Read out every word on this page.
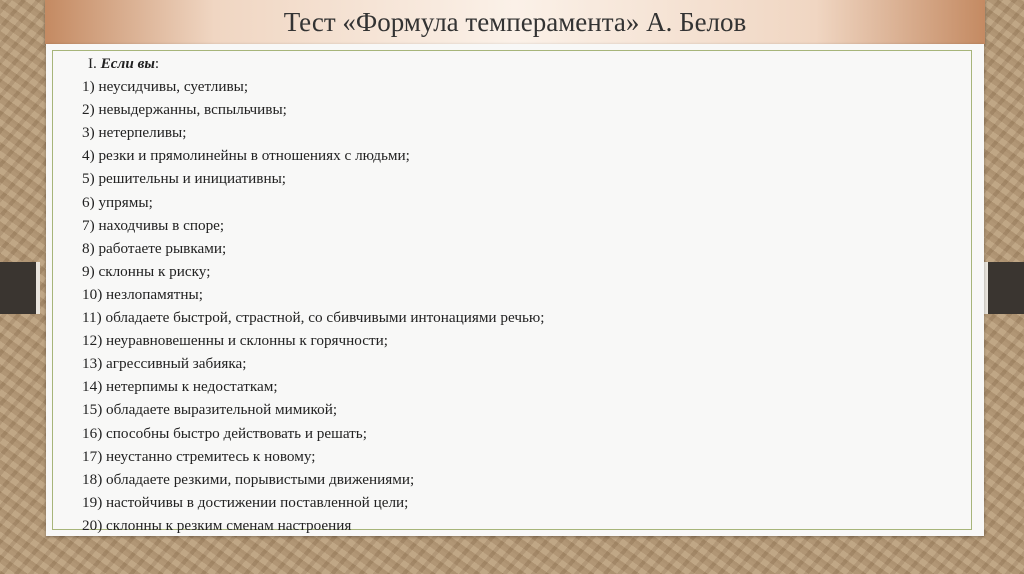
Тест «Формула темперамента» А. Белов
I. Если вы:
1) неусидчивы, суетливы;
2) невыдержанны, вспыльчивы;
3) нетерпеливы;
4) резки и прямолинейны в отношениях с людьми;
5) решительны и инициативны;
6) упрямы;
7) находчивы в споре;
8) работаете рывками;
9) склонны к риску;
10) незлопамятны;
11) обладаете быстрой, страстной, со сбивчивыми интонациями речью;
12) неуравновешенны и склонны к горячности;
13) агрессивный забияка;
14) нетерпимы к недостаткам;
15) обладаете выразительной мимикой;
16) способны быстро действовать и решать;
17) неустанно стремитесь к новому;
18) обладаете резкими, порывистыми движениями;
19) настойчивы в достижении поставленной цели;
20) склонны к резким сменам настроения
